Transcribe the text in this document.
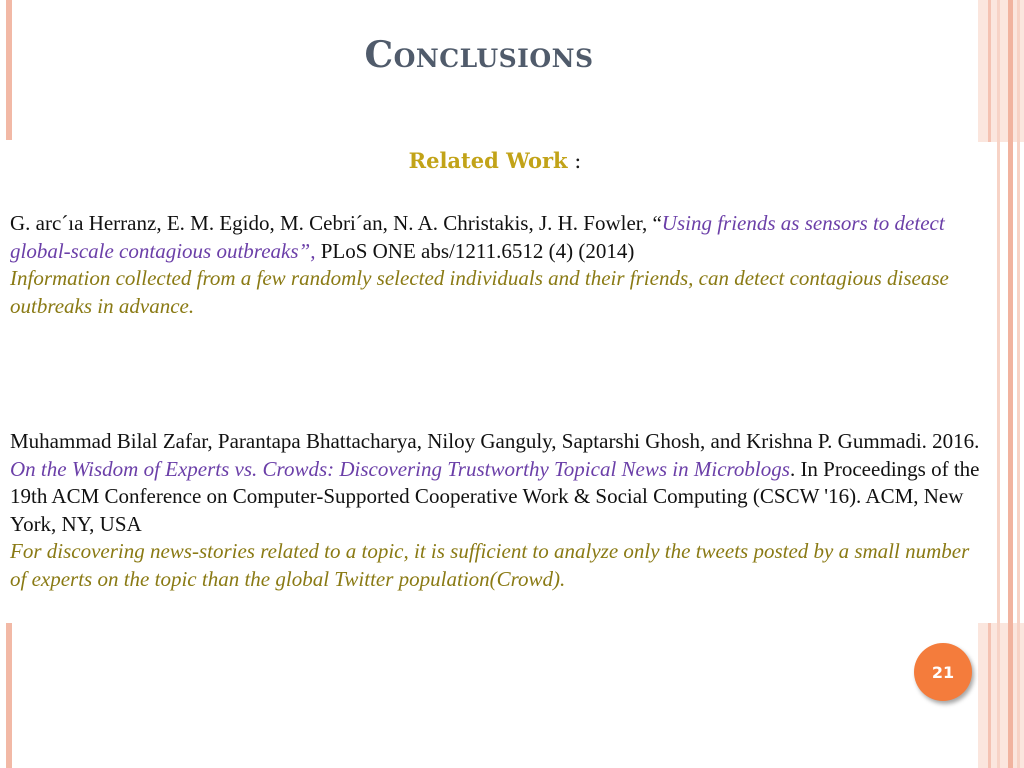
Conclusions
Related Work :
G. arc´ıa Herranz, E. M. Egido, M. Cebri´an, N. A. Christakis, J. H. Fowler, “Using friends as sensors to detect global-scale contagious outbreaks”, PLoS ONE abs/1211.6512 (4) (2014)
Information collected from a few randomly selected individuals and their friends, can detect contagious disease outbreaks in advance.
Muhammad Bilal Zafar, Parantapa Bhattacharya, Niloy Ganguly, Saptarshi Ghosh, and Krishna P. Gummadi. 2016. On the Wisdom of Experts vs. Crowds: Discovering Trustworthy Topical News in Microblogs. In Proceedings of the 19th ACM Conference on Computer-Supported Cooperative Work & Social Computing (CSCW '16). ACM, New York, NY, USA
For discovering news-stories related to a topic, it is sufficient to analyze only the tweets posted by a small number of experts on the topic than the global Twitter population(Crowd).
21
